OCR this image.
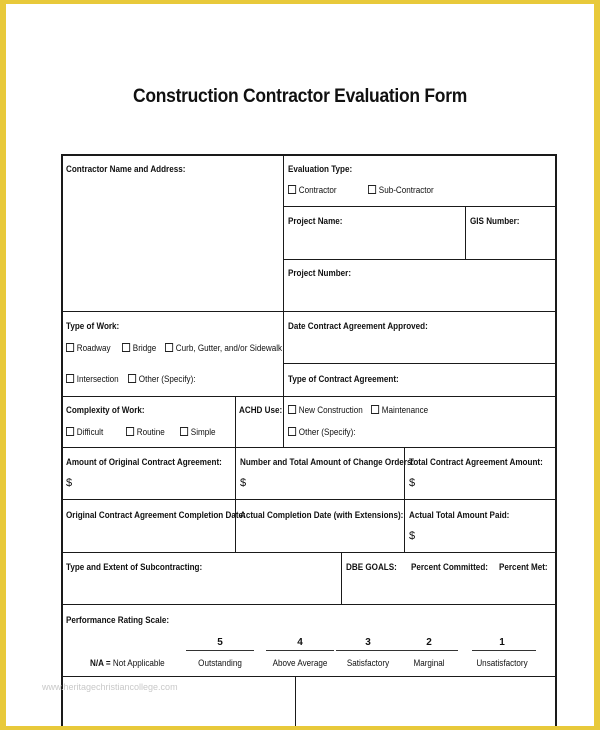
Construction Contractor Evaluation Form
Contractor Name and Address:	Evaluation Type:
Contractor	Sub-Contractor
Project Name:	GIS Number:
Project Number:
Type of Work:
Roadway	Bridge	Curb, Gutter, and/or Sidewalk
Intersection	Other (Specify):
Date Contract Agreement Approved:
Type of Contract Agreement:
Complexity of Work:
Difficult	Routine	Simple
ACHD Use:	New Construction	Maintenance
Other (Specify):
Amount of Original Contract Agreement:
$
Number and Total Amount of Change Orders:
$
Total Contract Agreement Amount:
$
Original Contract Agreement Completion Date:
Actual Completion Date (with Extensions): Actual Total Amount Paid:
$
Type and Extent of Subcontracting:	DBE GOALS: Percent Committed: Percent Met:
Performance Rating Scale:
5
Outstanding
4
Above Average
3
Satisfactory
2
Marginal
1
Unsatisfactory
N/A = Not Applicable
www.heritagechristiancollege.com
